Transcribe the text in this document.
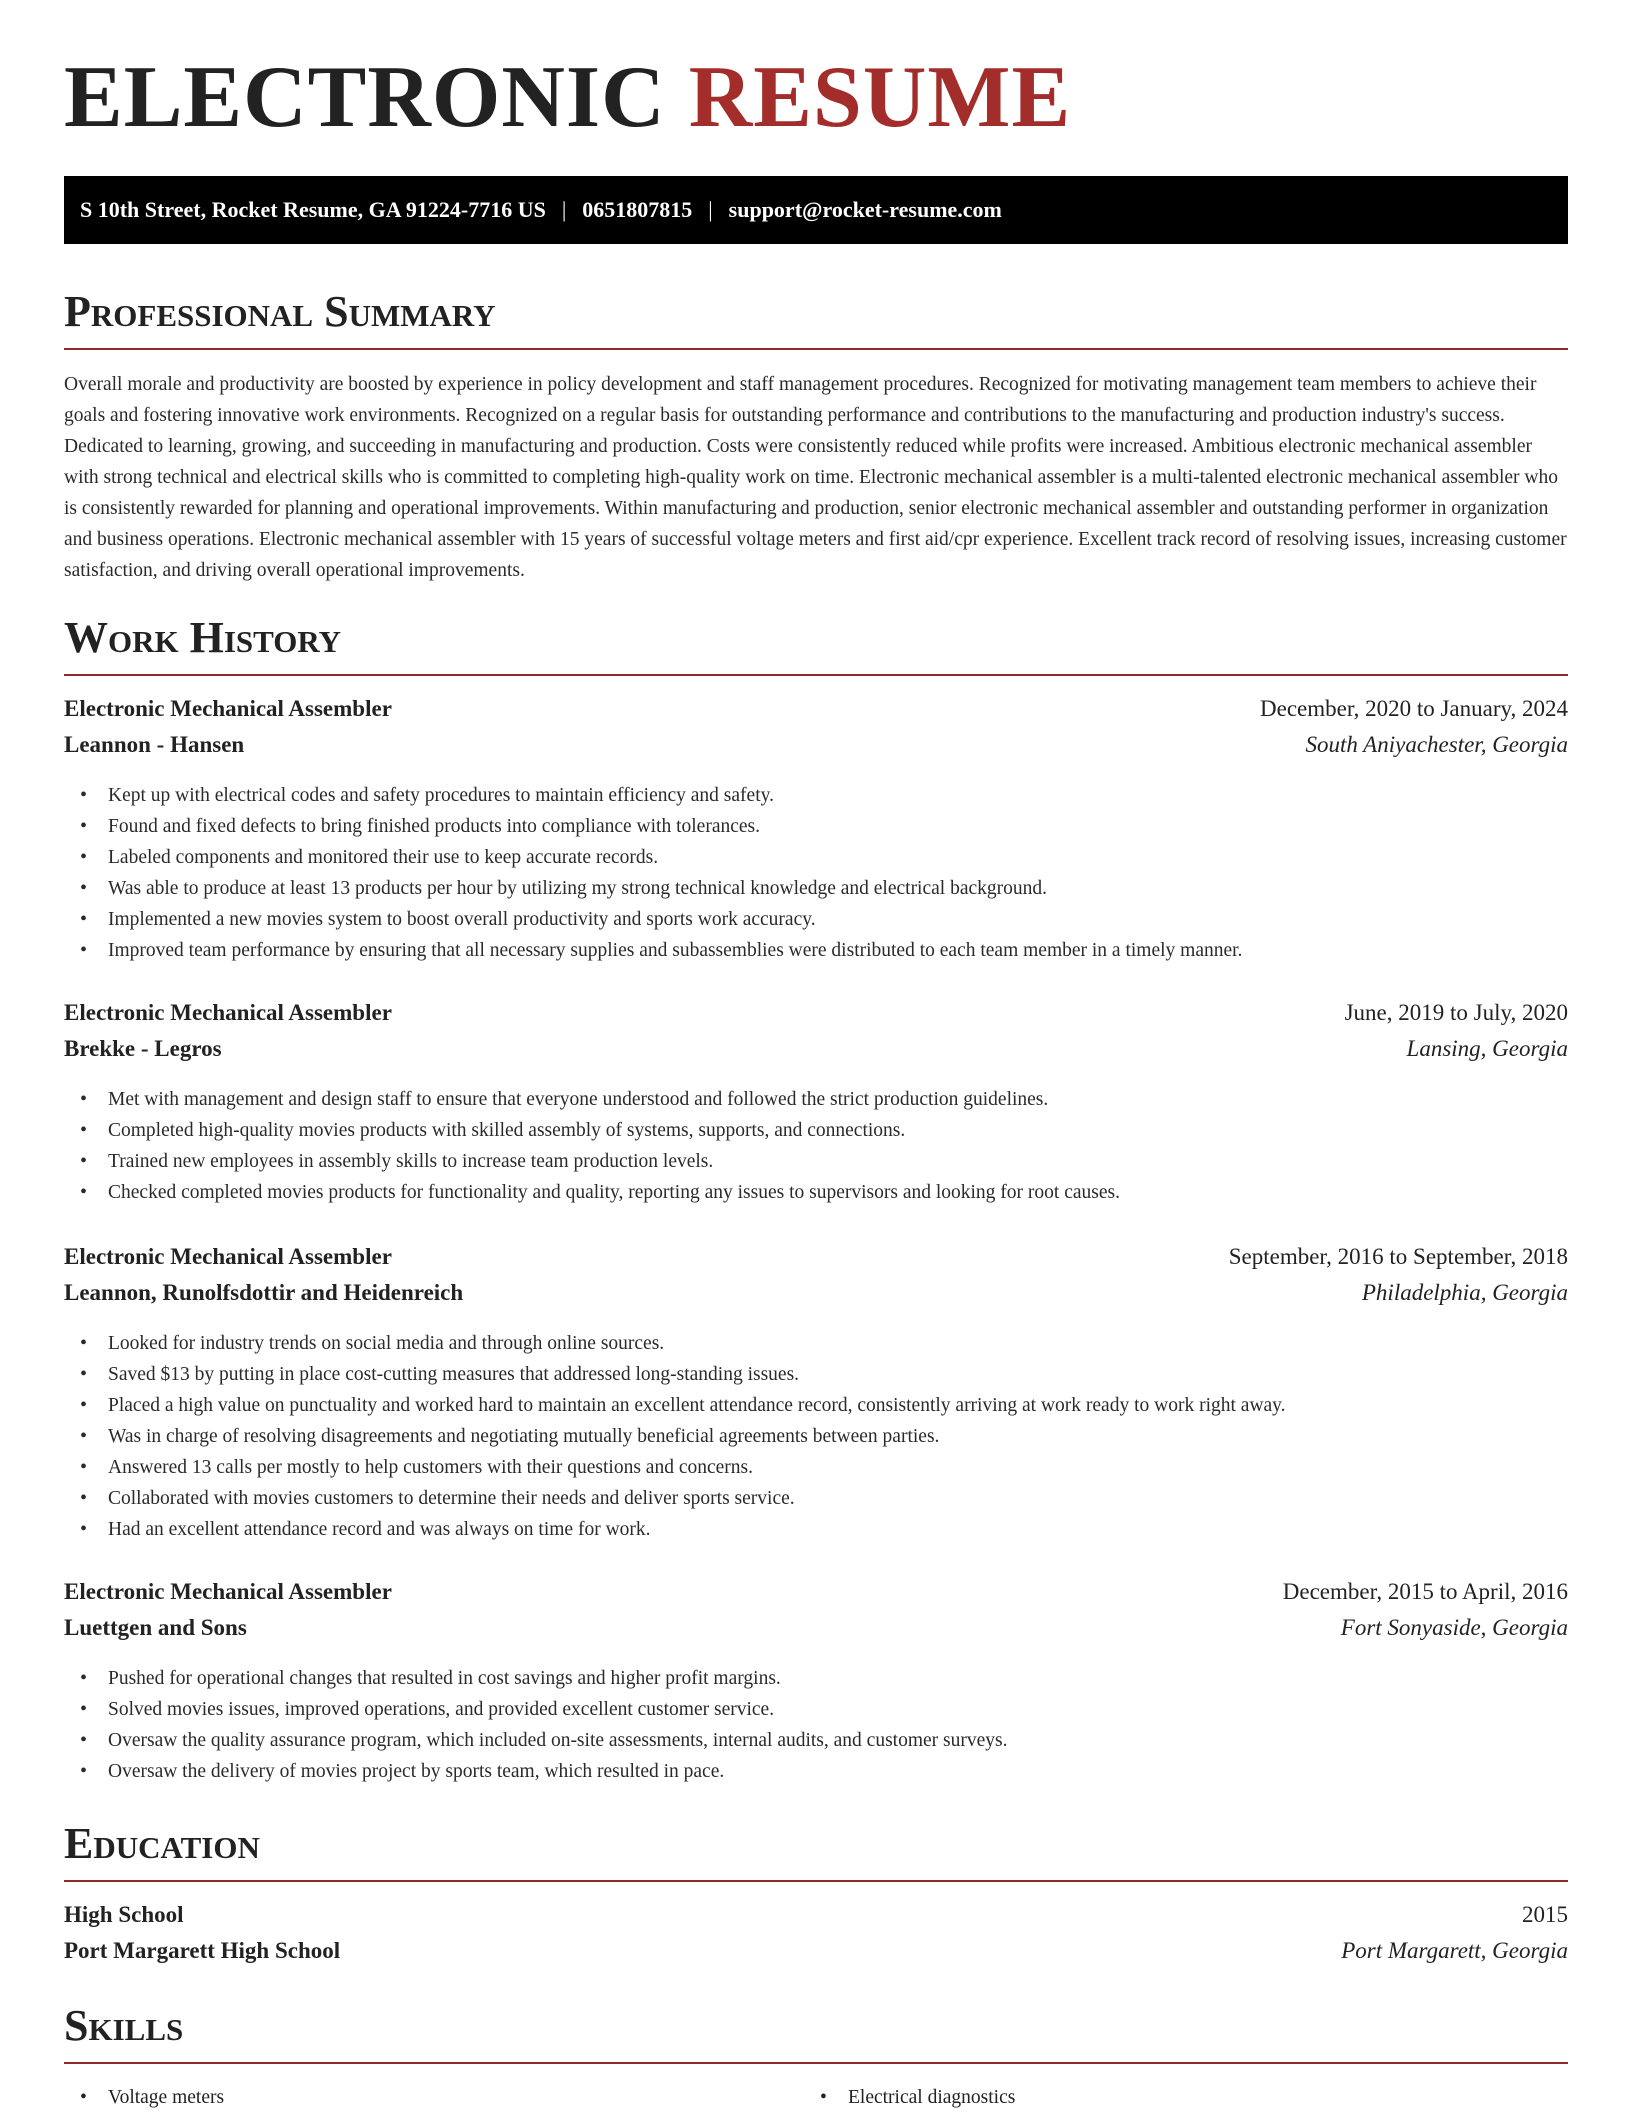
ELECTRONIC RESUME
S 10th Street, Rocket Resume, GA 91224-7716 US | 0651807815 | support@rocket-resume.com
Professional Summary

Overall morale and productivity are boosted by experience in policy development and staff management procedures. Recognized for motivating management team members to achieve their goals and fostering innovative work environments. Recognized on a regular basis for outstanding performance and contributions to the manufacturing and production industry's success. Dedicated to learning, growing, and succeeding in manufacturing and production. Costs were consistently reduced while profits were increased. Ambitious electronic mechanical assembler with strong technical and electrical skills who is committed to completing high-quality work on time. Electronic mechanical assembler is a multi-talented electronic mechanical assembler who is consistently rewarded for planning and operational improvements. Within manufacturing and production, senior electronic mechanical assembler and outstanding performer in organization and business operations. Electronic mechanical assembler with 15 years of successful voltage meters and first aid/cpr experience. Excellent track record of resolving issues, increasing customer satisfaction, and driving overall operational improvements.

Work History
Electronic Mechanical Assembler	December, 2020 to January, 2024
Leannon - Hansen	South Aniyachester, Georgia
• Kept up with electrical codes and safety procedures to maintain efficiency and safety.
• Found and fixed defects to bring finished products into compliance with tolerances.
• Labeled components and monitored their use to keep accurate records.
• Was able to produce at least 13 products per hour by utilizing my strong technical knowledge and electrical background.
• Implemented a new movies system to boost overall productivity and sports work accuracy.
• Improved team performance by ensuring that all necessary supplies and subassemblies were distributed to each team member in a timely manner.
Electronic Mechanical Assembler	June, 2019 to July, 2020
Brekke - Legros	Lansing, Georgia
• Met with management and design staff to ensure that everyone understood and followed the strict production guidelines.
• Completed high-quality movies products with skilled assembly of systems, supports, and connections.
• Trained new employees in assembly skills to increase team production levels.
• Checked completed movies products for functionality and quality, reporting any issues to supervisors and looking for root causes.
Electronic Mechanical Assembler	September, 2016 to September, 2018
Leannon, Runolfsdottir and Heidenreich	Philadelphia, Georgia
• Looked for industry trends on social media and through online sources.
• Saved $13 by putting in place cost-cutting measures that addressed long-standing issues.
• Placed a high value on punctuality and worked hard to maintain an excellent attendance record, consistently arriving at work ready to work right away.
• Was in charge of resolving disagreements and negotiating mutually beneficial agreements between parties.
• Answered 13 calls per mostly to help customers with their questions and concerns.
• Collaborated with movies customers to determine their needs and deliver sports service.
• Had an excellent attendance record and was always on time for work.
Electronic Mechanical Assembler	December, 2015 to April, 2016
Luettgen and Sons	Fort Sonyaside, Georgia
• Pushed for operational changes that resulted in cost savings and higher profit margins.
• Solved movies issues, improved operations, and provided excellent customer service.
• Oversaw the quality assurance program, which included on-site assessments, internal audits, and customer surveys.
• Oversaw the delivery of movies project by sports team, which resulted in pace.
Education
High School	2015
Port Margarett High School	Port Margarett, Georgia
Skills
• Voltage meters
•	Electrical diagnostics
